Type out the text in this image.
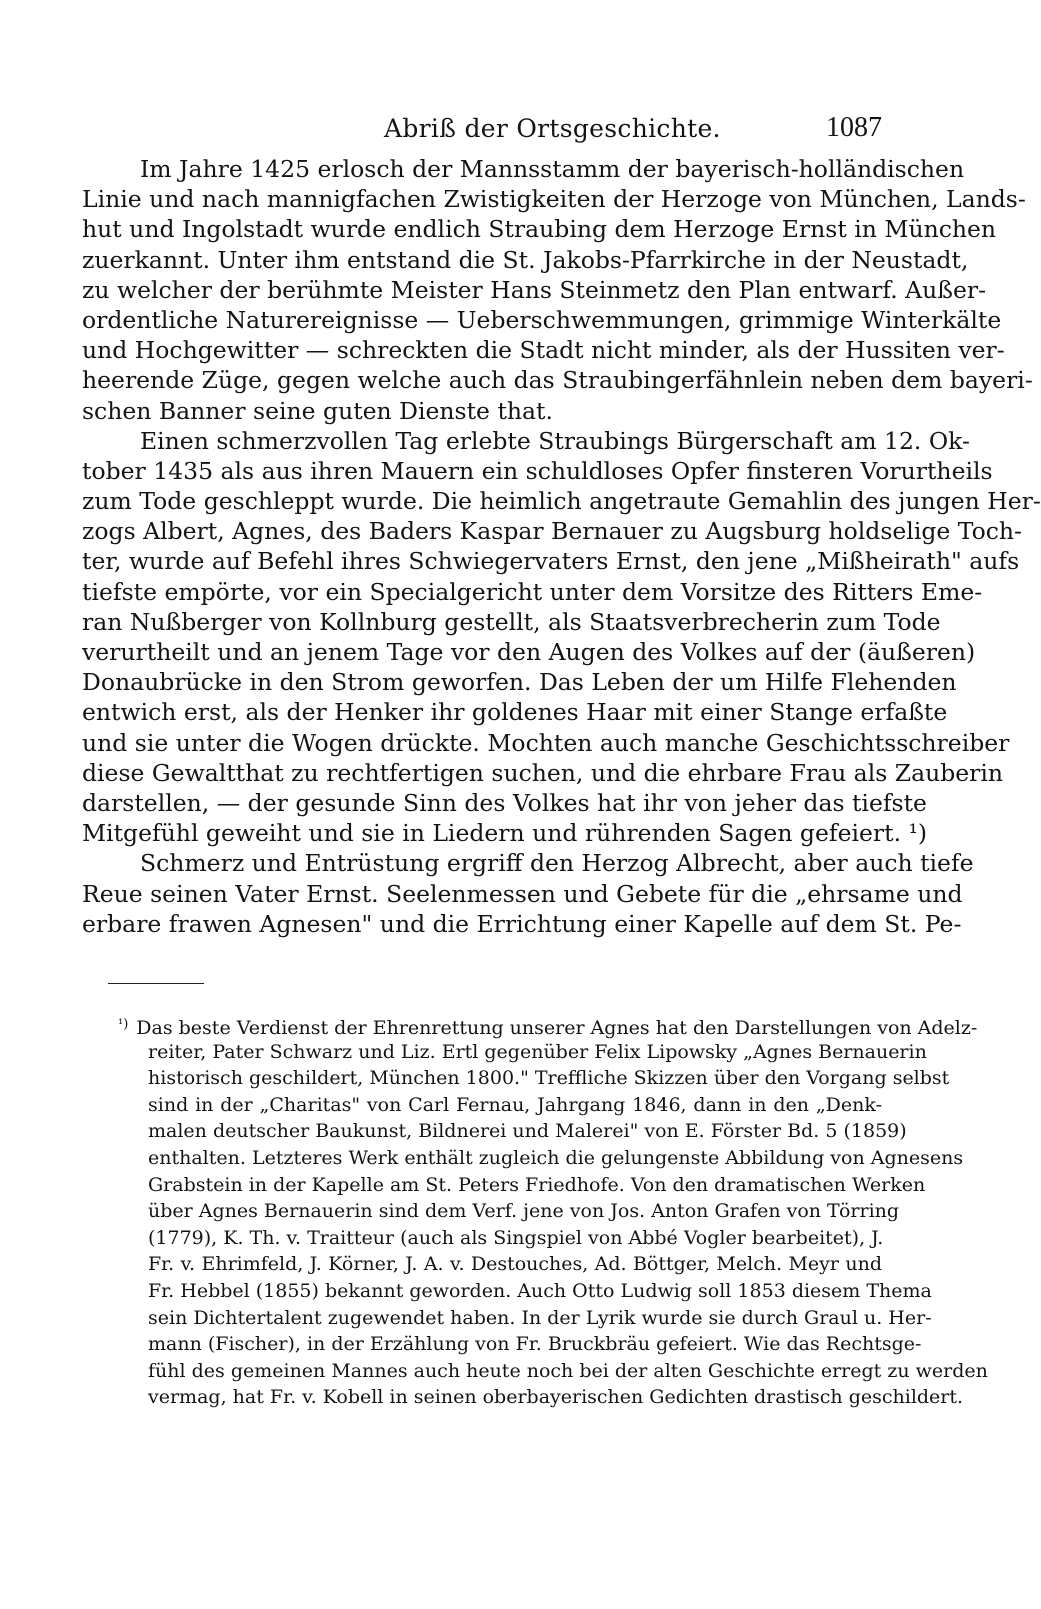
Abriß der Ortsgeschichte.	1087
Im Jahre 1425 erlosch der Mannsstamm der bayerisch-holländischen
Linie und nach mannigfachen Zwistigkeiten der Herzoge von München, Lands-
hut und Ingolstadt wurde endlich Straubing dem Herzoge Ernst in München
zuerkannt. Unter ihm entstand die St. Jakobs-Pfarrkirche in der Neustadt,
zu welcher der berühmte Meister Hans Steinmetz den Plan entwarf. Außer-
ordentliche Naturereignisse — Ueberschwemmungen, grimmige Winterkälte
und Hochgewitter — schreckten die Stadt nicht minder, als der Hussiten ver-
heerende Züge, gegen welche auch das Straubingerfähnlein neben dem bayeri-
schen Banner seine guten Dienste that.
Einen schmerzvollen Tag erlebte Straubings Bürgerschaft am 12. Ok-
tober 1435 als aus ihren Mauern ein schuldloses Opfer finsteren Vorurtheils
zum Tode geschleppt wurde. Die heimlich angetraute Gemahlin des jungen Her-
zogs Albert, Agnes, des Baders Kaspar Bernauer zu Augsburg holdselige Toch-
ter, wurde auf Befehl ihres Schwiegervaters Ernst, den jene „Mißheirath" aufs
tiefste empörte, vor ein Specialgericht unter dem Vorsitze des Ritters Eme-
ran Nußberger von Kollnburg gestellt, als Staatsverbrecherin zum Tode
verurtheilt und an jenem Tage vor den Augen des Volkes auf der (äußeren)
Donaubrücke in den Strom geworfen. Das Leben der um Hilfe Flehenden
entwich erst, als der Henker ihr goldenes Haar mit einer Stange erfaßte
und sie unter die Wogen drückte. Mochten auch manche Geschichtsschreiber
diese Gewaltthat zu rechtfertigen suchen, und die ehrbare Frau als Zauberin
darstellen, — der gesunde Sinn des Volkes hat ihr von jeher das tiefste
Mitgefühl geweiht und sie in Liedern und rührenden Sagen gefeiert. ¹)
Schmerz und Entrüstung ergriff den Herzog Albrecht, aber auch tiefe
Reue seinen Vater Ernst. Seelenmessen und Gebete für die „ehrsame und
erbare frawen Agnesen" und die Errichtung einer Kapelle auf dem St. Pe-
$^{^1)}$ Das beste Verdienst der Ehrenrettung unserer Agnes hat den Darstellungen von Adelz-
reiter, Pater Schwarz und Liz. Ertl gegenüber Felix Lipowsky „Agnes Bernauerin
historisch geschildert, München 1800." Treffliche Skizzen über den Vorgang selbst
sind in der „Charitas" von Carl Fernau, Jahrgang 1846, dann in den „Denk-
malen deutscher Baukunst, Bildnerei und Malerei" von E. Förster Bd. 5 (1859)
enthalten. Letzteres Werk enthält zugleich die gelungenste Abbildung von Agnesens
Grabstein in der Kapelle am St. Peters Friedhofe. Von den dramatischen Werken
über Agnes Bernauerin sind dem Verf. jene von Jos. Anton Grafen von Törring
(1779), K. Th. v. Traitteur (auch als Singspiel von Abbé Vogler bearbeitet), J.
Fr. v. Ehrimfeld, J. Körner, J. A. v. Destouches, Ad. Böttger, Melch. Meyr und
Fr. Hebbel (1855) bekannt geworden. Auch Otto Ludwig soll 1853 diesem Thema
sein Dichtertalent zugewendet haben. In der Lyrik wurde sie durch Graul u. Her-
mann (Fischer), in der Erzählung von Fr. Bruckbräu gefeiert. Wie das Rechtsge-
fühl des gemeinen Mannes auch heute noch bei der alten Geschichte erregt zu werden
vermag, hat Fr. v. Kobell in seinen oberbayerischen Gedichten drastisch geschildert.
